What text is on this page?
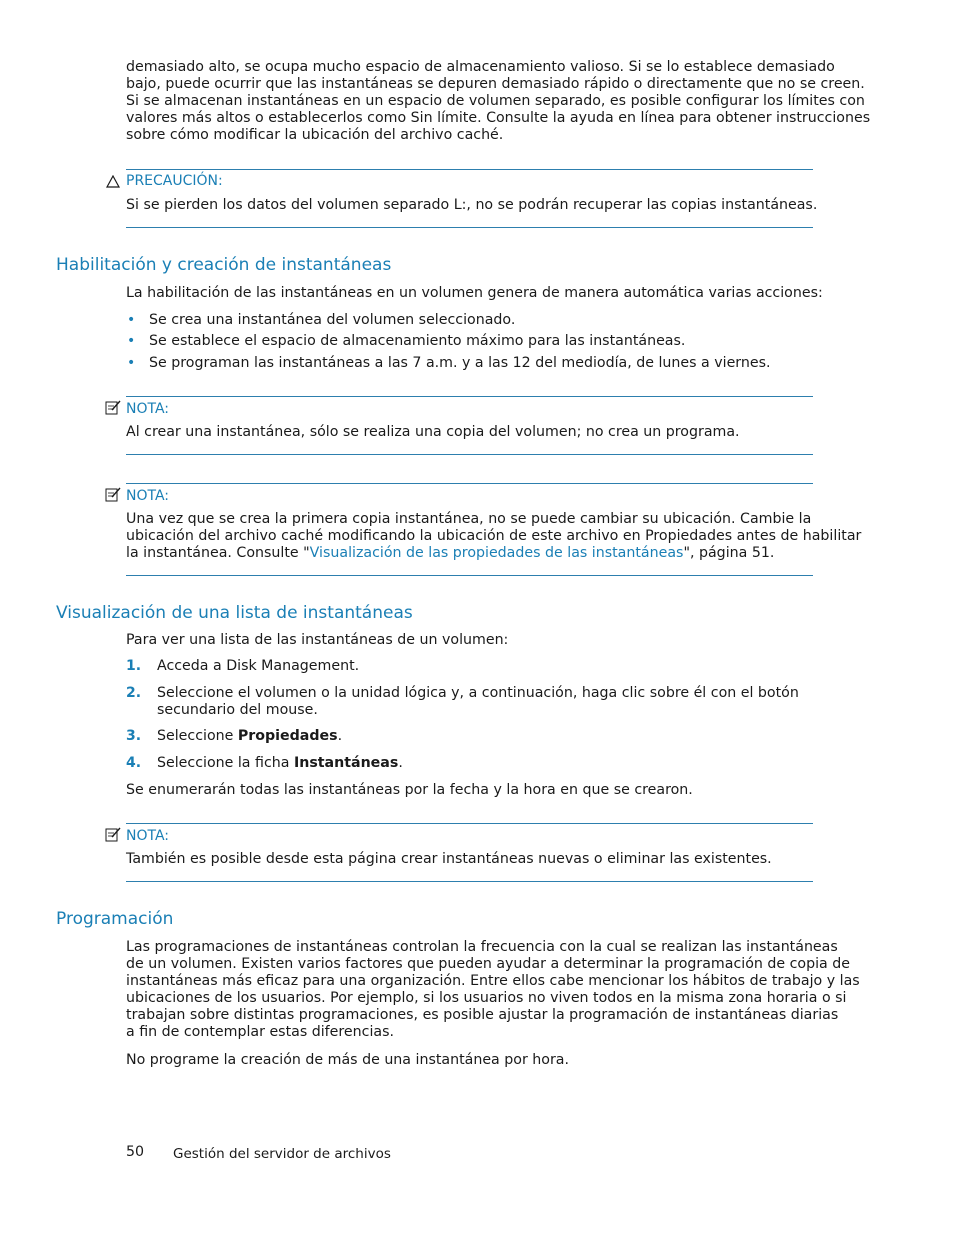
demasiado alto, se ocupa mucho espacio de almacenamiento valioso. Si se lo establece demasiado
bajo, puede ocurrir que las instantáneas se depuren demasiado rápido o directamente que no se creen.
Si se almacenan instantáneas en un espacio de volumen separado, es posible configurar los límites con
valores más altos o establecerlos como Sin límite. Consulte la ayuda en línea para obtener instrucciones
sobre cómo modificar la ubicación del archivo caché.
PRECAUCIÓN:
Si se pierden los datos del volumen separado L:, no se podrán recuperar las copias instantáneas.
Habilitación y creación de instantáneas
La habilitación de las instantáneas en un volumen genera de manera automática varias acciones:
• Se crea una instantánea del volumen seleccionado.
• Se establece el espacio de almacenamiento máximo para las instantáneas.
• Se programan las instantáneas a las 7 a.m. y a las 12 del mediodía, de lunes a viernes.
NOTA:
Al crear una instantánea, sólo se realiza una copia del volumen; no crea un programa.
NOTA:
Una vez que se crea la primera copia instantánea, no se puede cambiar su ubicación. Cambie la
ubicación del archivo caché modificando la ubicación de este archivo en Propiedades antes de habilitar
la instantánea. Consulte "Visualización de las propiedades de las instantáneas", página 51.
Visualización de una lista de instantáneas
Para ver una lista de las instantáneas de un volumen:
1. Acceda a Disk Management.
2. Seleccione el volumen o la unidad lógica y, a continuación, haga clic sobre él con el botón
secundario del mouse.
3. Seleccione Propiedades.
4. Seleccione la ficha Instantáneas.
Se enumerarán todas las instantáneas por la fecha y la hora en que se crearon.
NOTA:
También es posible desde esta página crear instantáneas nuevas o eliminar las existentes.
Programación
Las programaciones de instantáneas controlan la frecuencia con la cual se realizan las instantáneas
de un volumen. Existen varios factores que pueden ayudar a determinar la programación de copia de
instantáneas más eficaz para una organización. Entre ellos cabe mencionar los hábitos de trabajo y las
ubicaciones de los usuarios. Por ejemplo, si los usuarios no viven todos en la misma zona horaria o si
trabajan sobre distintas programaciones, es posible ajustar la programación de instantáneas diarias
a fin de contemplar estas diferencias.
No programe la creación de más de una instantánea por hora.
50 Gestión del servidor de archivos
